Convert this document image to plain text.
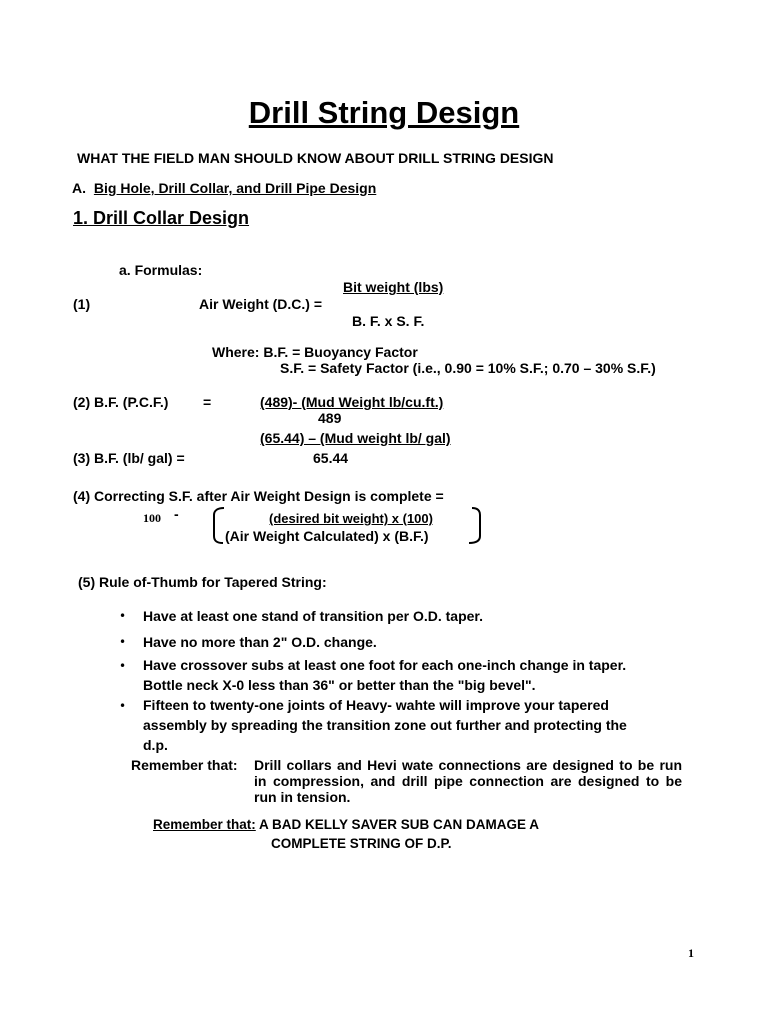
Drill String Design
WHAT THE FIELD MAN SHOULD KNOW ABOUT DRILL STRING DESIGN
A. Big Hole, Drill Collar, and Drill Pipe Design
1. Drill Collar Design
a. Formulas:
Bit weight (lbs)
(1)	Air Weight (D.C.) =
B. F. x S. F.
Where: B.F. = Buoyancy Factor
S.F. = Safety Factor (i.e., 0.90 = 10% S.F.; 0.70 – 30% S.F.)
(2) B.F. (P.C.F.) =	(489)- (Mud Weight lb/cu.ft.)
489
(65.44) – (Mud weight lb/ gal)
(3) B.F. (lb/ gal) =	65.44
(4) Correcting S.F. after Air Weight Design is complete =
100 -	(desired bit weight) x (100)
(Air Weight Calculated) x (B.F.)
(5) Rule of-Thumb for Tapered String:
• Have at least one stand of transition per O.D. taper.
• Have no more than 2" O.D. change.
• Have crossover subs at least one foot for each one-inch change in taper.
Bottle neck X-0 less than 36" or better than the "big bevel".
• Fifteen to twenty-one joints of Heavy- wahte will improve your tapered
assembly by spreading the transition zone out further and protecting the
d.p.
Remember that: Drill collars and Hevi wate connections are designed to be run in compression, and drill pipe connection are designed to be run in tension.
Remember that: A BAD KELLY SAVER SUB CAN DAMAGE A
COMPLETE STRING OF D.P.
1
